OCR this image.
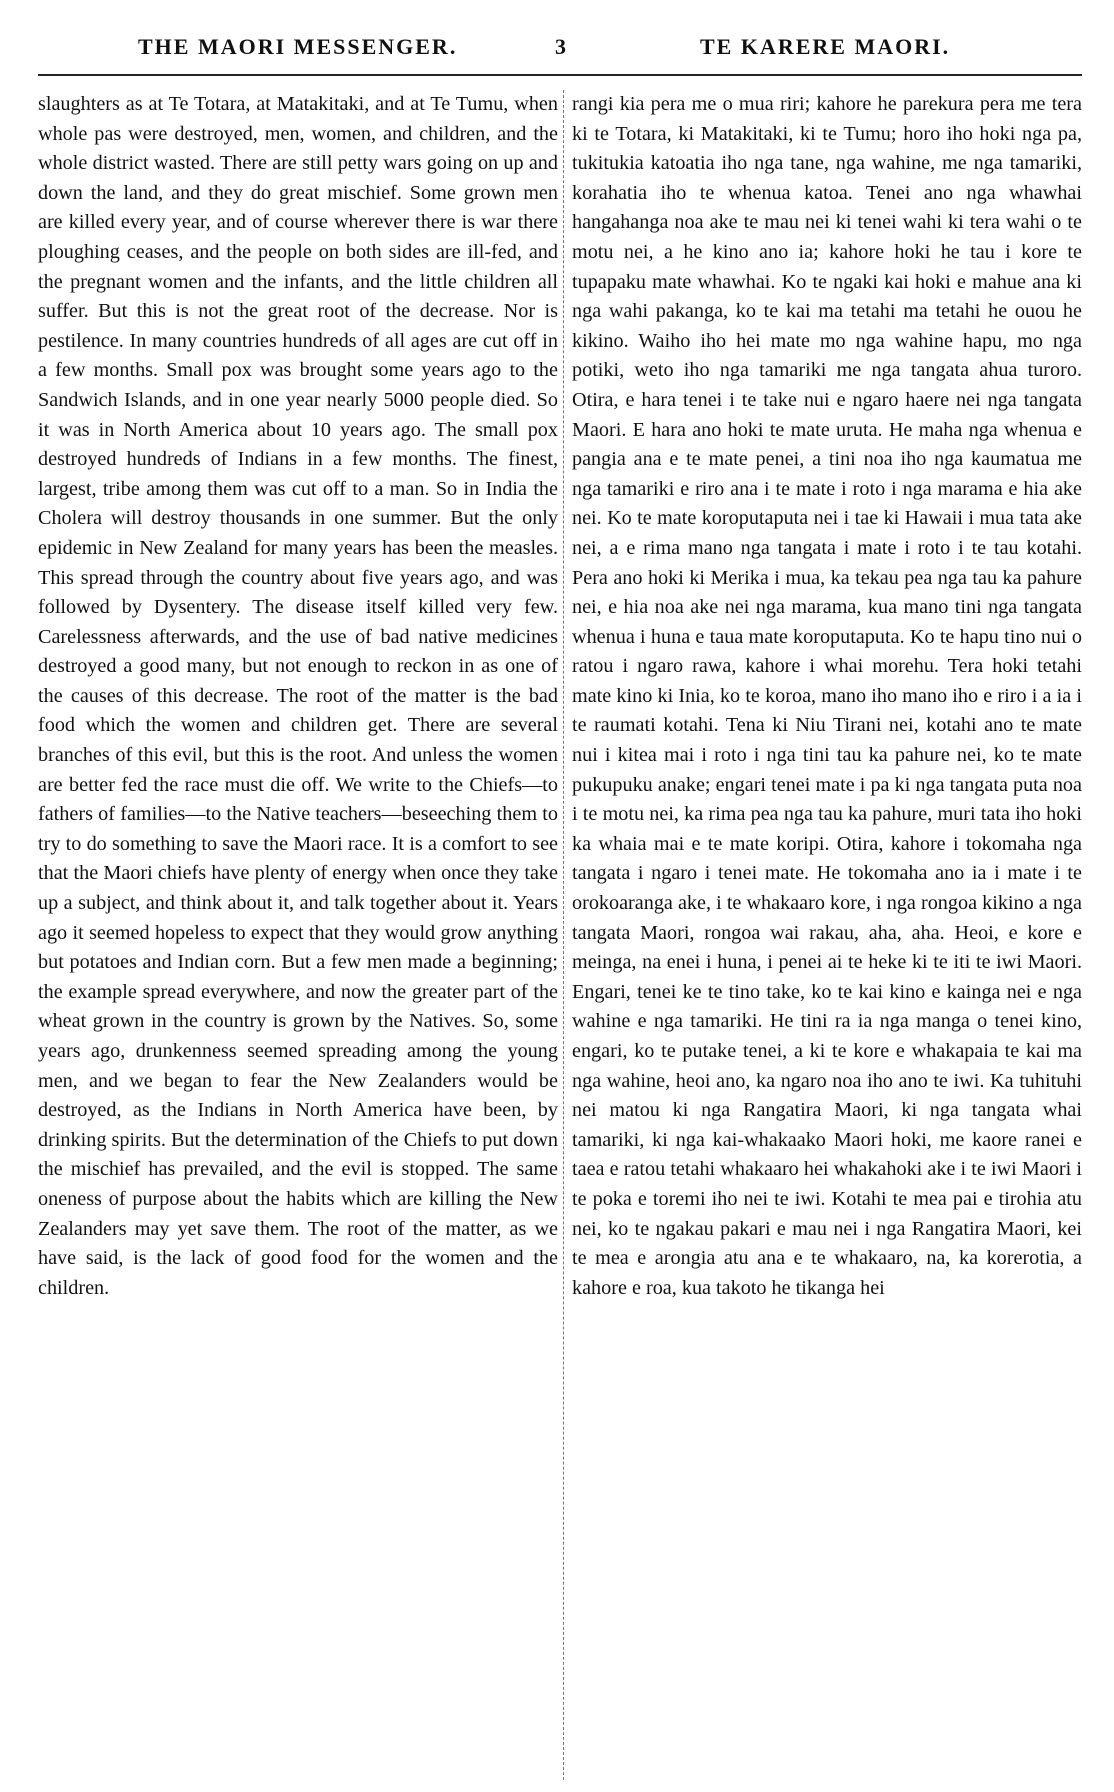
THE MAORI MESSENGER.	3	TE KARERE MAORI.

slaughters as at Te Totara, at Matakitaki, and at Te Tumu, when whole pas were destroyed, men, women, and children, and the whole district wasted. There are still petty wars going on up and down the land, and they do great mischief. Some grown men are killed every year, and of course wherever there is war there ploughing ceases, and the people on both sides are ill-fed, and the pregnant women and the infants, and the little children all suffer. But this is not the great root of the decrease. Nor is pestilence. In many countries hundreds of all ages are cut off in a few months. Small pox was brought some years ago to the Sandwich Islands, and in one year nearly 5000 people died. So it was in North America about 10 years ago. The small pox destroyed hundreds of Indians in a few months. The finest, largest, tribe among them was cut off to a man. So in India the Cholera will destroy thousands in one summer. But the only epidemic in New Zealand for many years has been the measles. This spread through the country about five years ago, and was followed by Dysentery. The disease itself killed very few. Carelessness afterwards, and the use of bad native medicines destroyed a good many, but not enough to reckon in as one of the causes of this decrease. The root of the matter is the bad food which the women and children get. There are several branches of this evil, but this is the root. And unless the women are better fed the race must die off. We write to the Chiefs—to fathers of families—to the Native teachers—beseeching them to try to do something to save the Maori race. It is a comfort to see that the Maori chiefs have plenty of energy when once they take up a subject, and think about it, and talk together about it. Years ago it seemed hopeless to expect that they would grow anything but potatoes and Indian corn. But a few men made a beginning; the example spread everywhere, and now the greater part of the wheat grown in the country is grown by the Natives. So, some years ago, drunkenness seemed spreading among the young men, and we began to fear the New Zealanders would be destroyed, as the Indians in North America have been, by drinking spirits. But the determination of the Chiefs to put down the mischief has prevailed, and the evil is stopped. The same oneness of purpose about the habits which are killing the New Zealanders may yet save them. The root of the matter, as we have said, is the lack of good food for the women and the children.

rangi kia pera me o mua riri; kahore he parekura pera me tera ki te Totara, ki Matakitaki, ki te Tumu; horo iho hoki nga pa, tukitukia katoatia iho nga tane, nga wahine, me nga tamariki, korahatia iho te whenua katoa. Tenei ano nga whawhai hangahanga noa ake te mau nei ki tenei wahi ki tera wahi o te motu nei, a he kino ano ia; kahore hoki he tau i kore te tupapaku mate whawhai. Ko te ngaki kai hoki e mahue ana ki nga wahi pakanga, ko te kai ma tetahi ma tetahi he ouou he kikino. Waiho iho hei mate mo nga wahine hapu, mo nga potiki, weto iho nga tamariki me nga tangata ahua turoro. Otira, e hara tenei i te take nui e ngaro haere nei nga tangata Maori. E hara ano hoki te mate uruta. He maha nga whenua e pangia ana e te mate penei, a tini noa iho nga kaumatua me nga tamariki e riro ana i te mate i roto i nga marama e hia ake nei. Ko te mate koroputaputa nei i tae ki Hawaii i mua tata ake nei, a e rima mano nga tangata i mate i roto i te tau kotahi. Pera ano hoki ki Merika i mua, ka tekau pea nga tau ka pahure nei, e hia noa ake nei nga marama, kua mano tini nga tangata whenua i huna e taua mate koroputaputa. Ko te hapu tino nui o ratou i ngaro rawa, kahore i whai morehu. Tera hoki tetahi mate kino ki Inia, ko te koroa, mano iho mano iho e riro i a ia i te raumati kotahi. Tena ki Niu Tirani nei, kotahi ano te mate nui i kitea mai i roto i nga tini tau ka pahure nei, ko te mate pukupuku anake; engari tenei mate i pa ki nga tangata puta noa i te motu nei, ka rima pea nga tau ka pahure, muri tata iho hoki ka whaia mai e te mate koripi. Otira, kahore i tokomaha nga tangata i ngaro i tenei mate. He tokomaha ano ia i mate i te orokoaranga ake, i te whakaaro kore, i nga rongoa kikino a nga tangata Maori, rongoa wai rakau, aha, aha. Heoi, e kore e meinga, na enei i huna, i penei ai te heke ki te iti te iwi Maori. Engari, tenei ke te tino take, ko te kai kino e kainga nei e nga wahine e nga tamariki. He tini ra ia nga manga o tenei kino, engari, ko te putake tenei, a ki te kore e whakapaia te kai ma nga wahine, heoi ano, ka ngaro noa iho ano te iwi. Ka tuhituhi nei matou ki nga Rangatira Maori, ki nga tangata whai tamariki, ki nga kai-whakaako Maori hoki, me kaore ranei e taea e ratou tetahi whakaaro hei whakahoki ake i te iwi Maori i te poka e toremi iho nei te iwi. Kotahi te mea pai e tirohia atu nei, ko te ngakau pakari e mau nei i nga Rangatira Maori, kei te mea e arongia atu ana e te whakaaro, na, ka korerotia, a kahore e roa, kua takoto he tikanga hei
